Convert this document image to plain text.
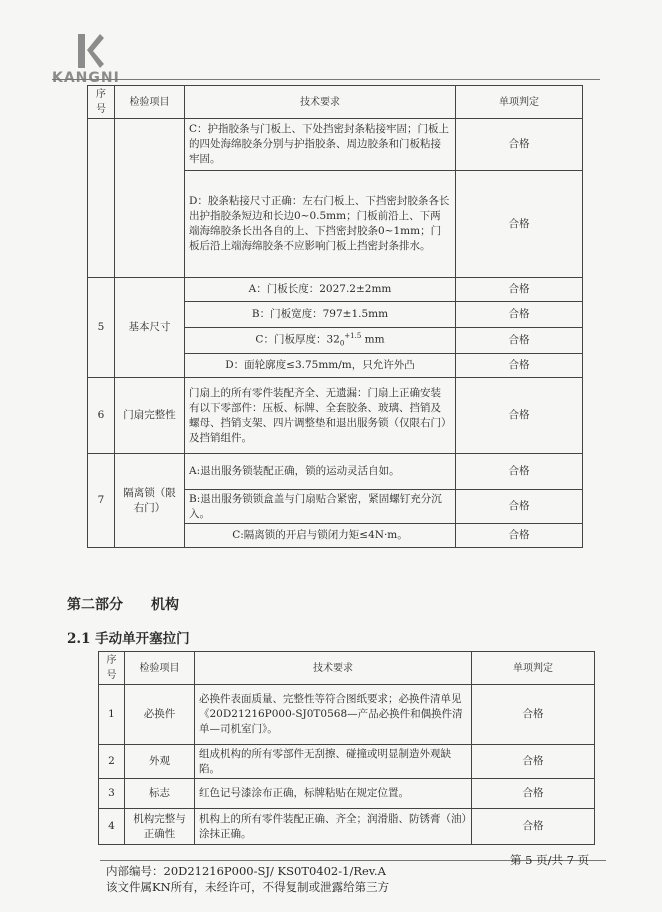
KANGNI
序号	检验项目	技术要求	单项判定
		C：护指胶条与门板上、下处挡密封条粘接牢固；门板上的四处海绵胶条分别与护指胶条、周边胶条和门板粘接牢固。	合格
		D：胶条粘接尺寸正确：左右门板上、下挡密封胶条各长出护指胶条短边和长边0~0.5mm；门板前沿上、下两端海绵胶条长出各自的上、下挡密封胶条0~1mm；门板后沿上端海绵胶条不应影响门板上挡密封条排水。	合格
5	基本尺寸	A：门板长度：2027.2±2mm	合格
		B：门板宽度：797±1.5mm	合格
		C：门板厚度：$32_0^{+1.5}$ mm	合格
		D：面轮廓度≤3.75mm/m，只允许外凸	合格
6	门扇完整性	门扇上的所有零件装配齐全、无遗漏：门扇上正确安装有以下零部件：压板、标牌、全套胶条、玻璃、挡销及螺母、挡销支架、四片调整垫和退出服务锁（仅限右门）及挡销组件。	合格
7	隔离锁（限右门）	A:退出服务锁装配正确，锁的运动灵活自如。	合格
		B:退出服务锁锁盒盖与门扇贴合紧密，紧固螺钉充分沉入。	合格
		C:隔离锁的开启与锁闭力矩≤4N·m。	合格
第二部分 机构
2.1 手动单开塞拉门
序号	检验项目	技术要求	单项判定
1	必换件	必换件表面质量、完整性等符合图纸要求；必换件清单见《20D21216P000-SJ0T0568—产品必换件和偶换件清单—司机室门》。	合格
2	外观	组成机构的所有零部件无刮擦、碰撞或明显制造外观缺陷。	合格
3	标志	红色记号漆涂布正确，标牌粘贴在规定位置。	合格
4	机构完整与正确性	机构上的所有零件装配正确、齐全；润滑脂、防锈膏（油）涂抹正确。	合格
第 5 页/共 7 页
内部编号：20D21216P000-SJ/ KS0T0402-1/Rev.A
该文件属KN所有，未经许可，不得复制或泄露给第三方
